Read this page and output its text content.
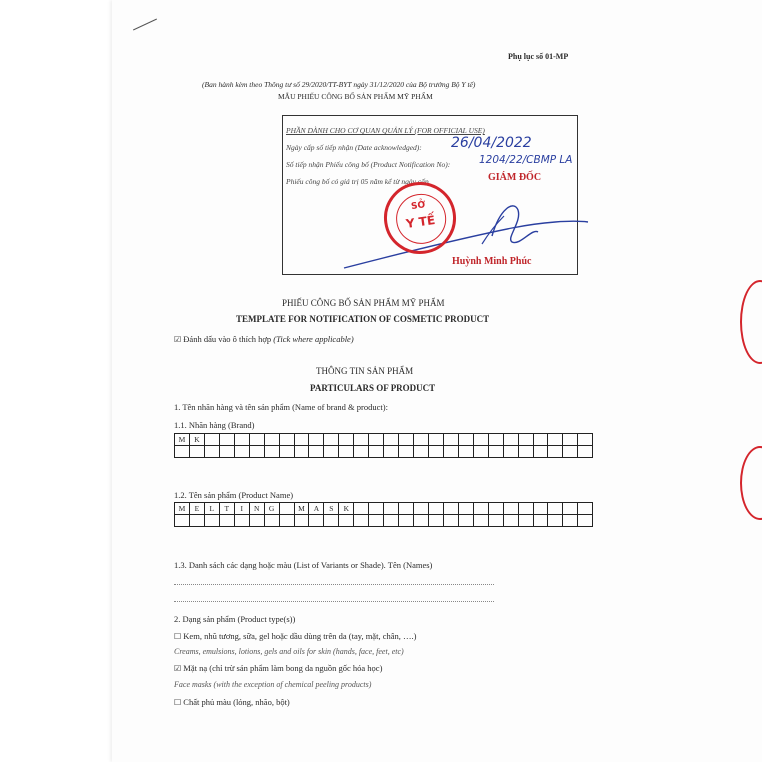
Phụ lục số 01-MP
(Ban hành kèm theo Thông tư số 29/2020/TT-BYT ngày 31/12/2020 của Bộ trưởng Bộ Y tế)
MẪU PHIẾU CÔNG BỐ SẢN PHẨM MỸ PHẨM
PHẦN DÀNH CHO CƠ QUAN QUẢN LÝ (FOR OFFICIAL USE)
Ngày cấp số tiếp nhận (Date acknowledged): 26/04/2022
Số tiếp nhận Phiếu công bố (Product Notification No):	1204/22/CBMP LA
Phiếu công bố có giá trị 05 năm kể từ ngày cấp	GIÁM ĐỐC
SỞ
Y TẾ
Huỳnh Minh Phúc
PHIẾU CÔNG BỐ SẢN PHẨM MỸ PHẨM
TEMPLATE FOR NOTIFICATION OF COSMETIC PRODUCT
☑ Đánh dấu vào ô thích hợp (Tick where applicable)
THÔNG TIN SẢN PHẨM
PARTICULARS OF PRODUCT
1. Tên nhãn hàng và tên sản phẩm (Name of brand & product):
1.1. Nhãn hàng (Brand)
M	K																										

1.2. Tên sản phẩm (Product Name)
M	E	L	T	I	N	G		M	A	S	K																

1.3. Danh sách các dạng hoặc màu (List of Variants or Shade). Tên (Names)
2. Dạng sản phẩm (Product type(s))
☐ Kem, nhũ tương, sữa, gel hoặc dầu dùng trên da (tay, mặt, chân, ….)
Creams, emulsions, lotions, gels and oils for skin (hands, face, feet, etc)
☑ Mặt nạ (chỉ trừ sản phẩm làm bong da nguồn gốc hóa học)
Face masks (with the exception of chemical peeling products)
☐ Chất phủ màu (lỏng, nhão, bột)
